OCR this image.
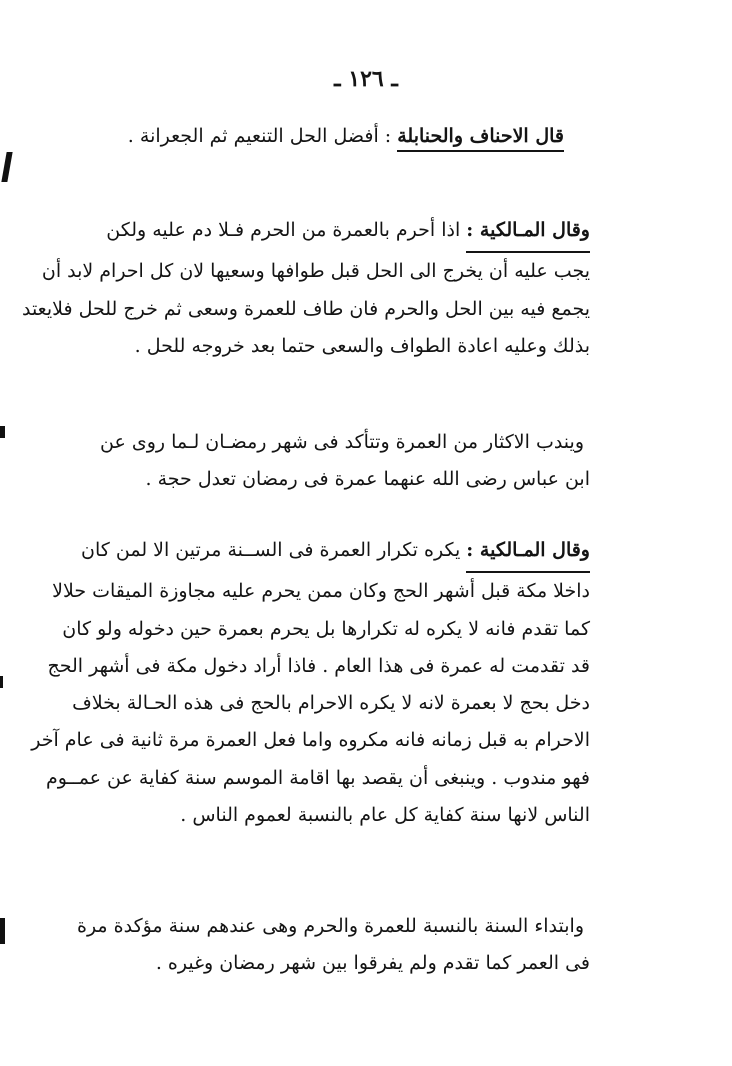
ـ ١٢٦ ـ
قال الاحناف والحنابلة : أفضل الحل التنعيم ثم الجعرانة .
وقال المـالكية : اذا أحرم بالعمرة من الحرم فـلا دم عليه ولكن
يجب عليه أن يخرج الى الحل قبل طوافها وسعيها لان كل احرام لابد أن
يجمع فيه بين الحل والحرم فان طاف للعمرة وسعى ثم خرج للحل فلايعتد
بذلك وعليه اعادة الطواف والسعى حتما بعد خروجه للحل .
ويندب الاكثار من العمرة وتتأكد فى شهر رمضـان لـما روى عن
ابن عباس رضى الله عنهما عمرة فى رمضان تعدل حجة .
وقال المـالكية : يكره تكرار العمرة فى الســنة مرتين الا لمن كان
داخلا مكة قبل أشهر الحج وكان ممن يحرم عليه مجاوزة الميقات حلالا
كما تقدم فانه لا يكره له تكرارها بل يحرم بعمرة حين دخوله ولو كان
قد تقدمت له عمرة فى هذا العام . فاذا أراد دخول مكة فى أشهر الحج
دخل بحج لا بعمرة لانه لا يكره الاحرام بالحج فى هذه الحـالة بخلاف
الاحرام به قبل زمانه فانه مكروه واما فعل العمرة مرة ثانية فى عام آخر
فهو مندوب . وينبغى أن يقصد بها اقامة الموسم سنة كفاية عن عمــوم
الناس لانها سنة كفاية كل عام بالنسبة لعموم الناس .
وابتداء السنة بالنسبة للعمرة والحرم وهى عندهم سنة مؤكدة مرة
فى العمر كما تقدم ولم يفرقوا بين شهر رمضان وغيره .
